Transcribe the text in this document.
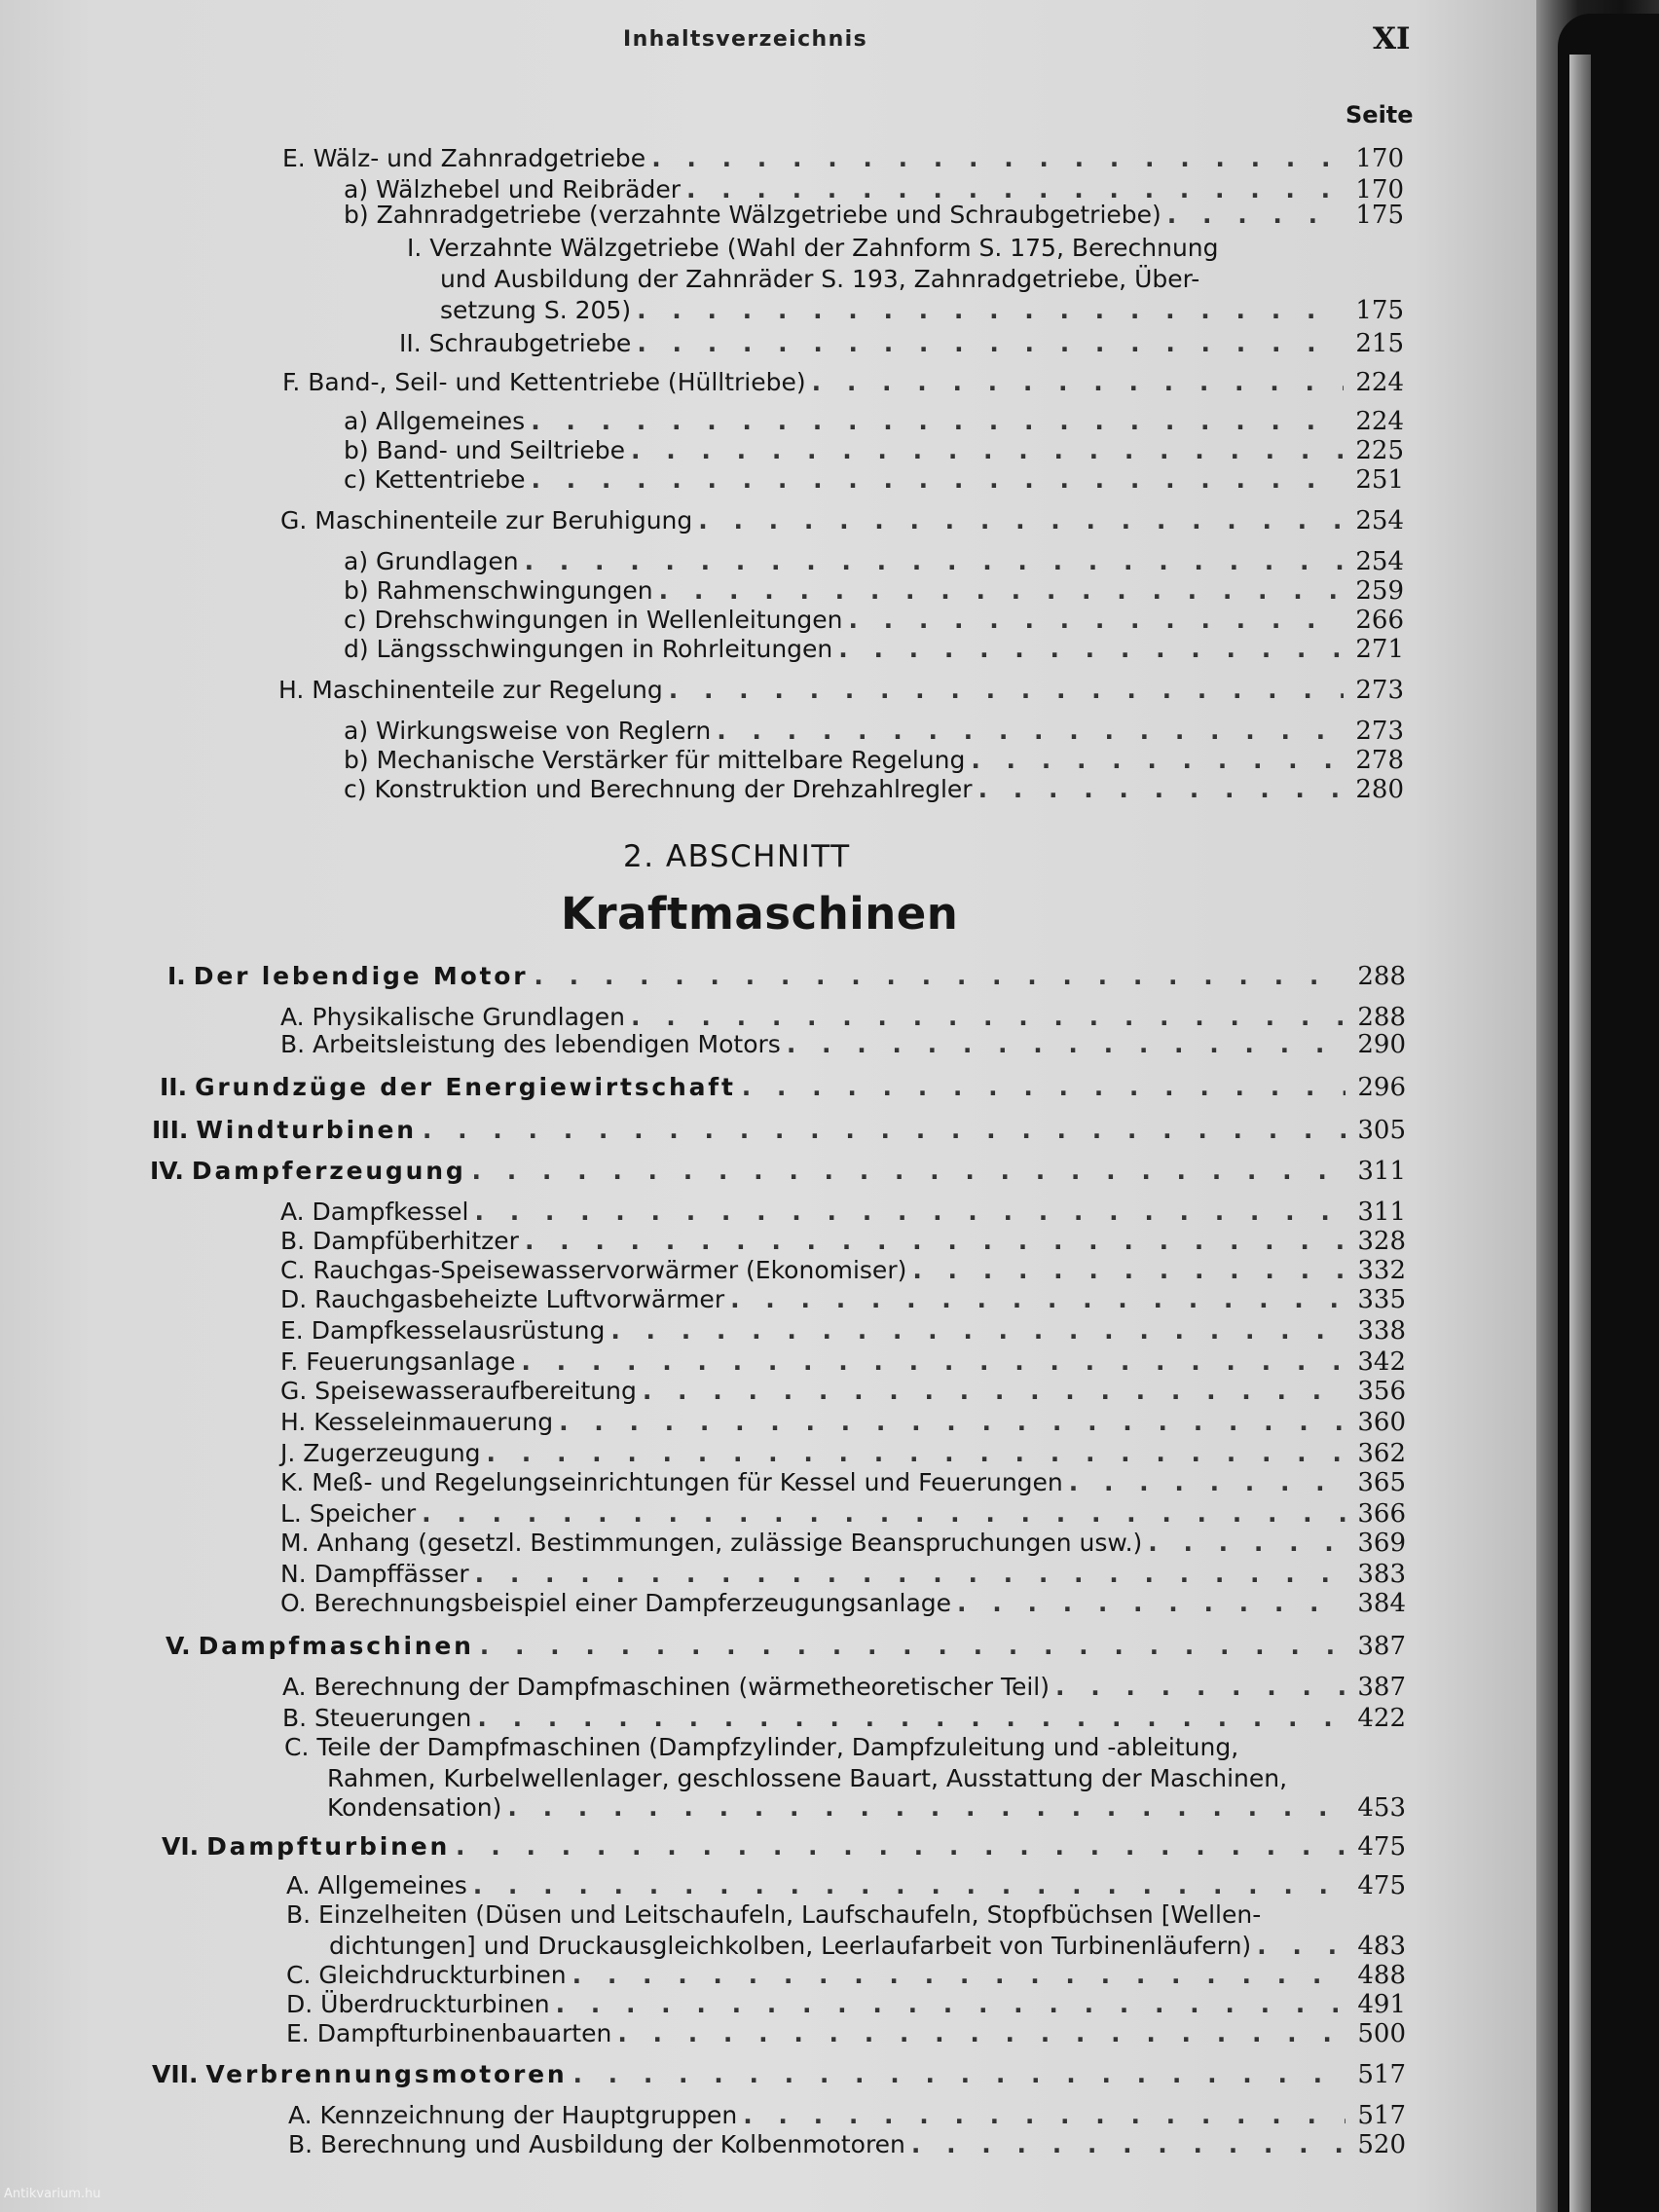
Inhaltsverzeichnis	XI
Seite
E. Wälz- und Zahnradgetriebe . . .	170
a) Wälzhebel und Reibräder . . .	170
b) Zahnradgetriebe (verzahnte Wälzgetriebe und Schraubgetriebe) . . .	175
I. Verzahnte Wälzgetriebe (Wahl der Zahnform S. 175, Berechnung
und Ausbildung der Zahnräder S. 193, Zahnradgetriebe, Über-
setzung S. 205) . . .	175
II. Schraubgetriebe . . .	215
F. Band-, Seil- und Kettentriebe (Hülltriebe) . . .	224
a) Allgemeines . . .	224
b) Band- und Seiltriebe . . .	225
c) Kettentriebe . . .	251
G. Maschinenteile zur Beruhigung . . .	254
a) Grundlagen . . .	254
b) Rahmenschwingungen . . .	259
c) Drehschwingungen in Wellenleitungen . . .	266
d) Längsschwingungen in Rohrleitungen . . .	271
H. Maschinenteile zur Regelung . . .	273
a) Wirkungsweise von Reglern . . .	273
b) Mechanische Verstärker für mittelbare Regelung . . .	278
c) Konstruktion und Berechnung der Drehzahlregler . . .	280
2. ABSCHNITT
Kraftmaschinen
I. Der lebendige Motor . . .	288
A. Physikalische Grundlagen . . .	288
B. Arbeitsleistung des lebendigen Motors . . .	290
II. Grundzüge der Energiewirtschaft . . .	296
III. Windturbinen . . .	305
IV. Dampferzeugung . . .	311
A. Dampfkessel . . .	311
B. Dampfüberhitzer . . .	328
C. Rauchgas-Speisewasservorwärmer (Ekonomiser) . . .	332
D. Rauchgasbeheizte Luftvorwärmer . . .	335
E. Dampfkesselausrüstung . . .	338
F. Feuerungsanlage . . .	342
G. Speisewasseraufbereitung . . .	356
H. Kesseleinmauerung . . .	360
J. Zugerzeugung . . .	362
K. Meß- und Regelungseinrichtungen für Kessel und Feuerungen . . .	365
L. Speicher . . .	366
M. Anhang (gesetzl. Bestimmungen, zulässige Beanspruchungen usw.) . . .	369
N. Dampffässer . . .	383
O. Berechnungsbeispiel einer Dampferzeugungsanlage . . .	384
V. Dampfmaschinen . . .	387
A. Berechnung der Dampfmaschinen (wärmetheoretischer Teil) . . .	387
B. Steuerungen . . .	422
C. Teile der Dampfmaschinen (Dampfzylinder, Dampfzuleitung und -ableitung,
Rahmen, Kurbelwellenlager, geschlossene Bauart, Ausstattung der Maschinen,
Kondensation) . . .	453
VI. Dampfturbinen . . .	475
A. Allgemeines . . .	475
B. Einzelheiten (Düsen und Leitschaufeln, Laufschaufeln, Stopfbüchsen [Wellen-
dichtungen] und Druckausgleichkolben, Leerlaufarbeit von Turbinenläufern) . . .	483
C. Gleichdruckturbinen . . .	488
D. Überdruckturbinen . . .	491
E. Dampfturbinenbauarten . . .	500
VII. Verbrennungsmotoren . . .	517
A. Kennzeichnung der Hauptgruppen . . .	517
B. Berechnung und Ausbildung der Kolbenmotoren . . .	520
Antikvarium.hu
